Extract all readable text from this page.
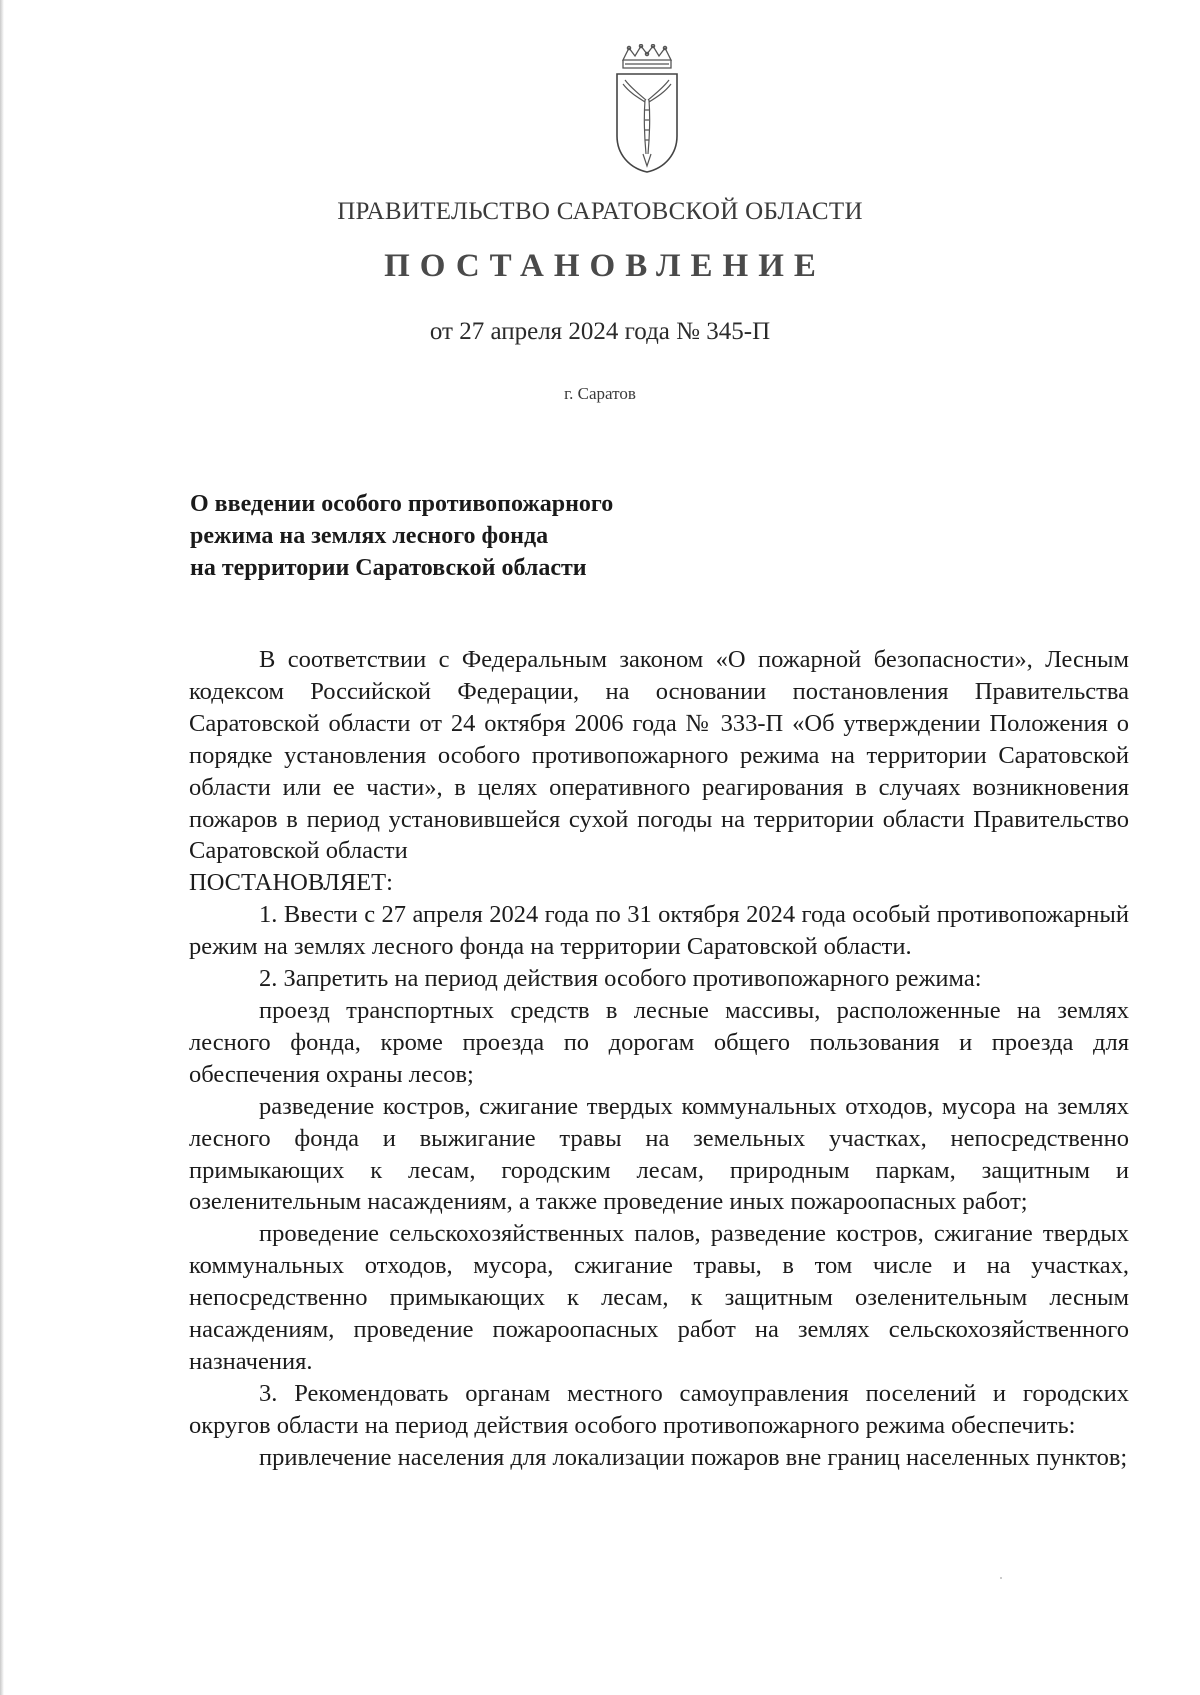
ПРАВИТЕЛЬСТВО САРАТОВСКОЙ ОБЛАСТИ
ПОСТАНОВЛЕНИЕ
от 27 апреля 2024 года № 345-П
г. Саратов
О введении особого противопожарного
режима на землях лесного фонда
на территории Саратовской области

В соответствии с Федеральным законом «О пожарной безопасности», Лесным кодексом Российской Федерации, на основании постановления Правительства Саратовской области от 24 октября 2006 года № 333-П «Об утверждении Положения о порядке установления особого противопожарного режима на территории Саратовской области или ее части», в целях оперативного реагирования в случаях возникновения пожаров в период установившейся сухой погоды на территории области Правительство Саратовской области

ПОСТАНОВЛЯЕТ:

1. Ввести с 27 апреля 2024 года по 31 октября 2024 года особый противопожарный режим на землях лесного фонда на территории Саратовской области.

2. Запретить на период действия особого противопожарного режима:

проезд транспортных средств в лесные массивы, расположенные на землях лесного фонда, кроме проезда по дорогам общего пользования и проезда для обеспечения охраны лесов;

разведение костров, сжигание твердых коммунальных отходов, мусора на землях лесного фонда и выжигание травы на земельных участках, непосредственно примыкающих к лесам, городским лесам, природным паркам, защитным и озеленительным насаждениям, а также проведение иных пожароопасных работ;

проведение сельскохозяйственных палов, разведение костров, сжигание твердых коммунальных отходов, мусора, сжигание травы, в том числе и на участках, непосредственно примыкающих к лесам, к защитным озеленительным лесным насаждениям, проведение пожароопасных работ на землях сельскохозяйственного назначения.

3. Рекомендовать органам местного самоуправления поселений и городских округов области на период действия особого противопожарного режима обеспечить:

привлечение населения для локализации пожаров вне границ населенных пунктов;
